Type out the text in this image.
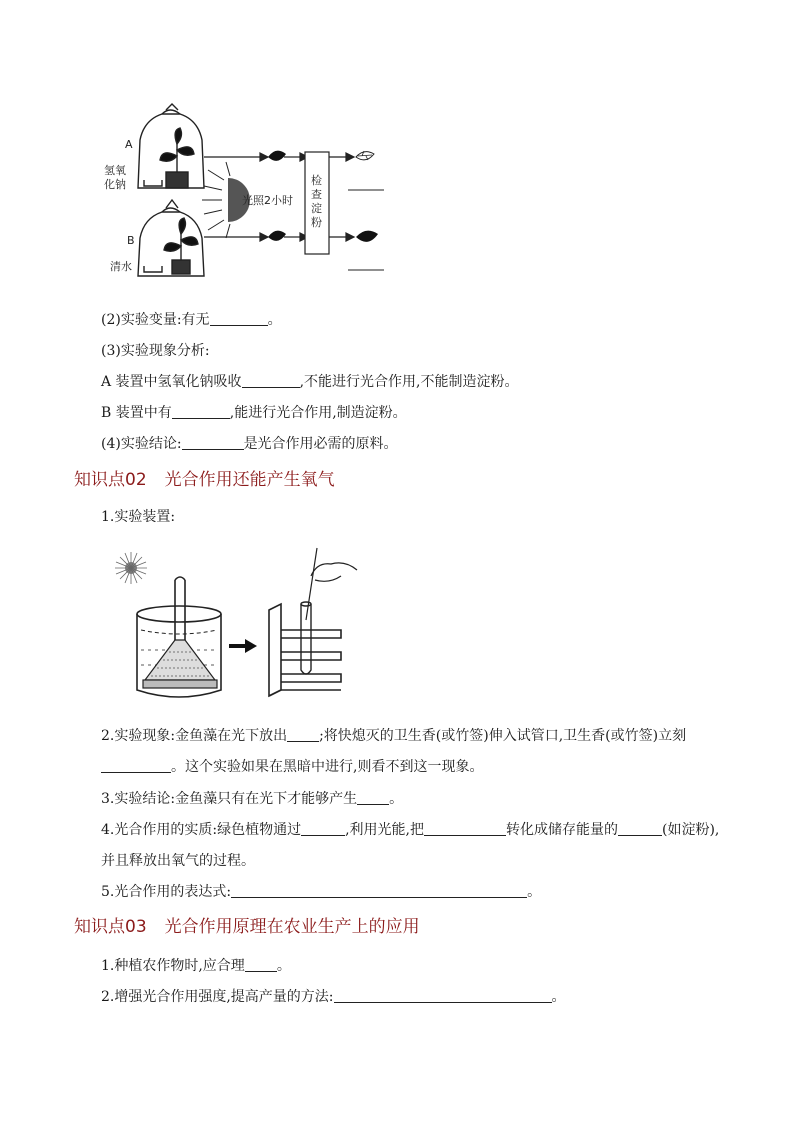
A
氢氧
化钠
B
清水
光照2小时
检 查 淀 粉
(2)实验变量:有无	。
(3)实验现象分析:
A 装置中氢氧化钠吸收	,不能进行光合作用,不能制造淀粉。
B 装置中有	,能进行光合作用,制造淀粉。
(4)实验结论:	是光合作用必需的原料。
知识点02 光合作用还能产生氧气
1.实验装置:
2.实验现象:金鱼藻在光下放出 ;将快熄灭的卫生香(或竹签)伸入试管口,卫生香(或竹签)立刻
。这个实验如果在黑暗中进行,则看不到这一现象。
3.实验结论:金鱼藻只有在光下才能够产生 。
4.光合作用的实质:绿色植物通过	,利用光能,把	转化成储存能量的	(如淀粉),
并且释放出氧气的过程。
5.光合作用的表达式:	。
知识点03 光合作用原理在农业生产上的应用
1.种植农作物时,应合理 。
2.增强光合作用强度,提高产量的方法:	。
